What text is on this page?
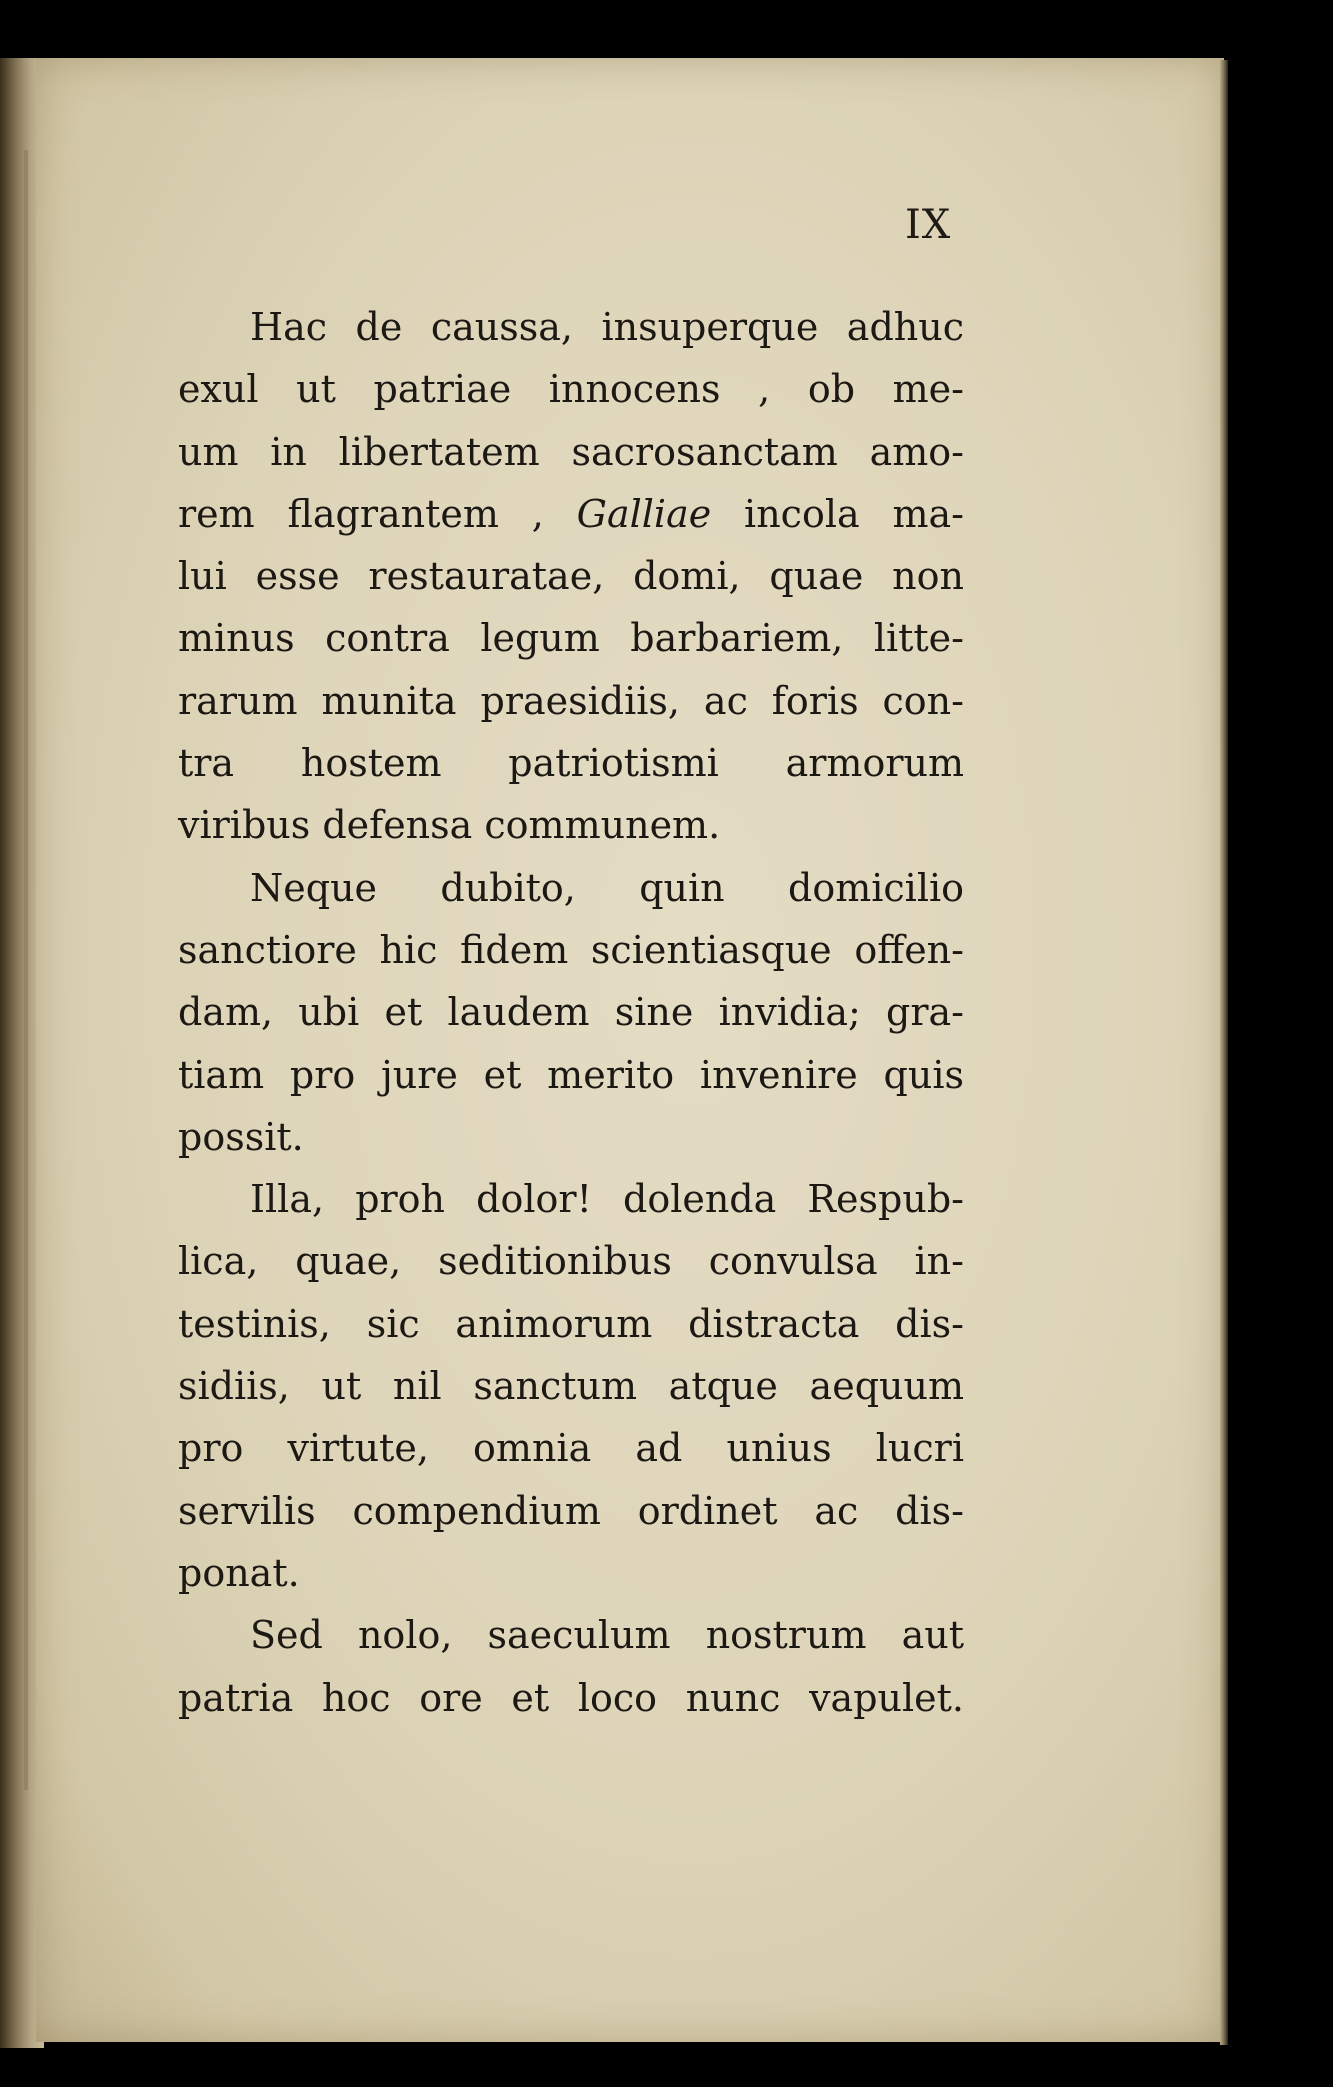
IX
Hac de caussa, insuperque adhuc
exul ut patriae innocens , ob me-
um in libertatem sacrosanctam amo-
rem flagrantem , Galliae incola ma-
lui esse restauratae, domi, quae non
minus contra legum barbariem, litte-
rarum munita praesidiis, ac foris con-
tra hostem patriotismi armorum
viribus defensa communem.
Neque dubito, quin domicilio
sanctiore hic fidem scientiasque offen-
dam, ubi et laudem sine invidia; gra-
tiam pro jure et merito invenire quis
possit.
Illa, proh dolor! dolenda Respub-
lica, quae, seditionibus convulsa in-
testinis, sic animorum distracta dis-
sidiis, ut nil sanctum atque aequum
pro virtute, omnia ad unius lucri
servilis compendium ordinet ac dis-
ponat.
Sed nolo, saeculum nostrum aut
patria hoc ore et loco nunc vapulet.
